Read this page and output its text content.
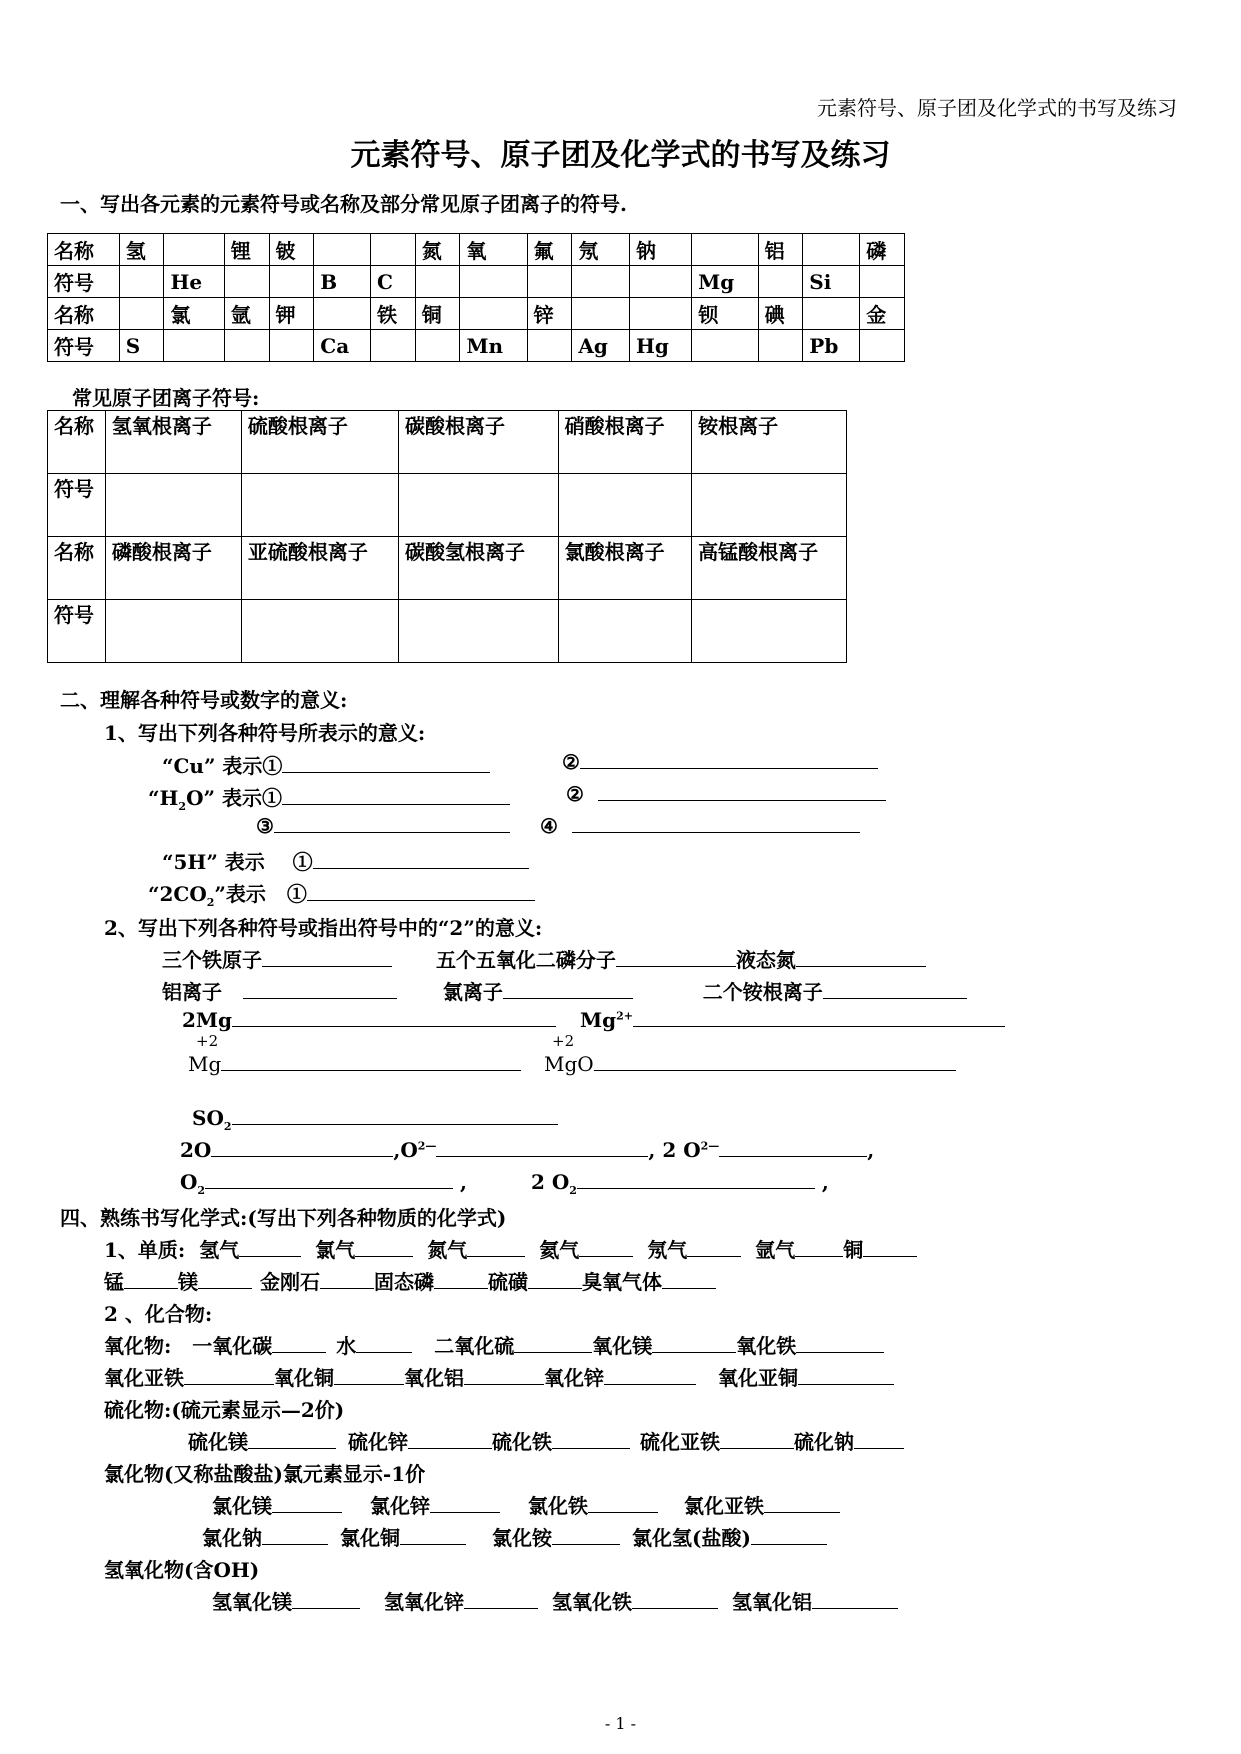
元素符号、原子团及化学式的书写及练习
元素符号、原子团及化学式的书写及练习
一、写出各元素的元素符号或名称及部分常见原子团离子的符号.
名称	氢		锂	铍			氮	氧	氟	氖	钠		铝		磷
符号		He			B	C						Mg		Si	
名称		氯	氩	钾		铁	铜		锌			钡	碘		金
符号	S				Ca			Mn		Ag	Hg			Pb	
常见原子团离子符号:
名称	氢氧根离子	硫酸根离子	碳酸根离子	硝酸根离子	铵根离子
符号					
名称	磷酸根离子	亚硫酸根离子	碳酸氢根离子	氯酸根离子	高锰酸根离子
符号					
二、理解各种符号或数字的意义:
1、写出下列各种符号所表示的意义:
“Cu” 表示①	②
“$H_2O$” 表示①	②
③	④
“5H” 表示 ①
“$2CO_2$”表示 ①
2、写出下列各种符号或指出符号中的“2”的意义:
三个铁原子	五个五氧化二磷分子	液态氮
铝离子	氯离子	二个铵根离子
2Mg	$Mg^{2+}$
+2	+2
Mg	MgO
$SO_2$
2O	$,O^{2—}$	, 2 $O^{2—}$	,
$O_2$	,	2 $O_2$	,
四、熟练书写化学式:(写出下列各种物质的化学式)
1、单质: 氢气	氯气	氮气	氦气	氖气	氩气 铜
锰	镁	金刚石	固态磷	硫磺	臭氧气体
2 、化合物:
氧化物: 一氧化碳	水	二氧化硫	氧化镁	氧化铁
氧化亚铁	氧化铜	氧化铝	氧化锌	氧化亚铜
硫化物:(硫元素显示—2价)
硫化镁	硫化锌	硫化铁	硫化亚铁	硫化钠
氯化物(又称盐酸盐)氯元素显示-1价
氯化镁	氯化锌	氯化铁	氯化亚铁
氯化钠	氯化铜	氯化铵	氯化氢(盐酸)
氢氧化物(含OH)
氢氧化镁	氢氧化锌	氢氧化铁	氢氧化铝
- 1 -
